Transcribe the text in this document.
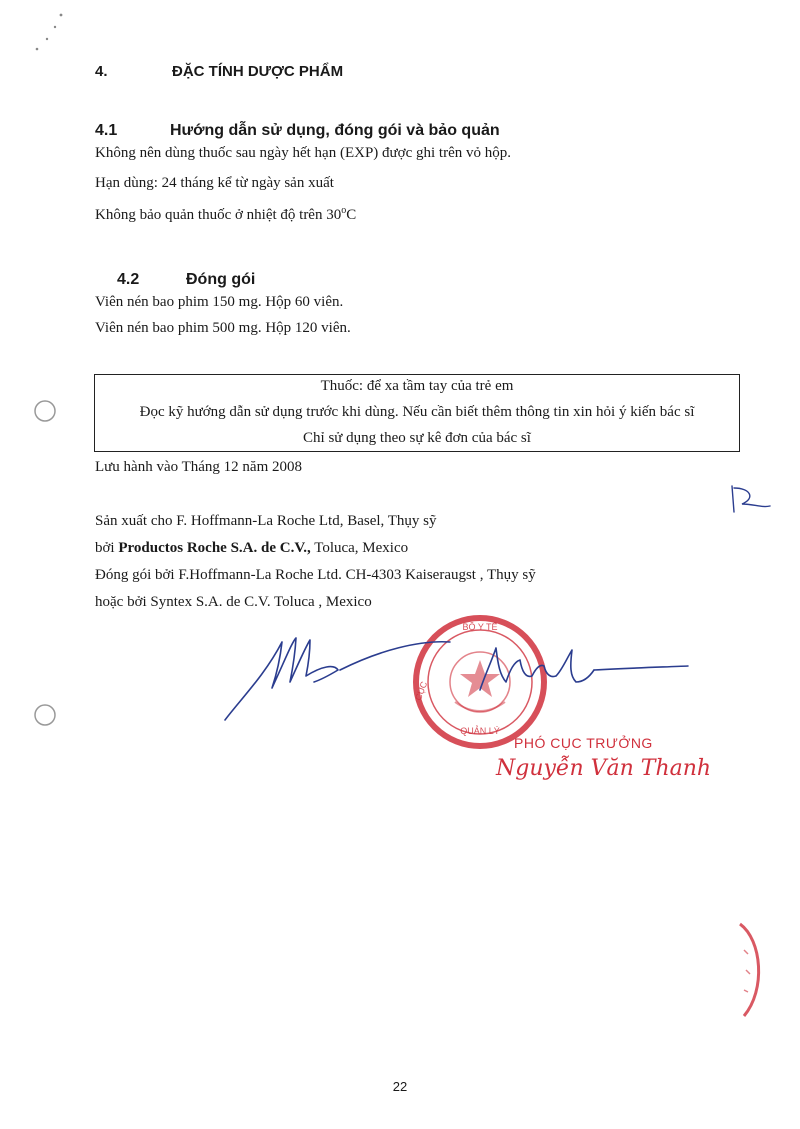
4.	ĐẶC TÍNH DƯỢC PHẨM
4.1	Hướng dẫn sử dụng, đóng gói và bảo quản
Không nên dùng thuốc sau ngày hết hạn (EXP) được ghi trên vỏ hộp.
Hạn dùng: 24 tháng kể từ ngày sản xuất
Không bảo quản thuốc ở nhiệt độ trên 30$^o$C
4.2	Đóng gói
Viên nén bao phim 150 mg. Hộp 60 viên.
Viên nén bao phim 500 mg. Hộp 120 viên.
Thuốc: để xa tầm tay của trẻ em
Đọc kỹ hướng dẫn sử dụng trước khi dùng. Nếu cần biết thêm thông tin xin hỏi ý kiến bác sĩ
Chỉ sử dụng theo sự kê đơn của bác sĩ
Lưu hành vào Tháng 12 năm 2008
Sản xuất cho F. Hoffmann-La Roche Ltd, Basel, Thụy sỹ
bởi Productos Roche S.A. de C.V., Toluca, Mexico
Đóng gói bởi F.Hoffmann-La Roche Ltd. CH-4303 Kaiseraugst , Thụy sỹ
hoặc bởi Syntex S.A. de C.V. Toluca , Mexico
BỘ Y TẾ
CỤC
QUẢN LÝ
PHÓ CỤC TRƯỞNG
Nguyễn Văn Thanh
22
